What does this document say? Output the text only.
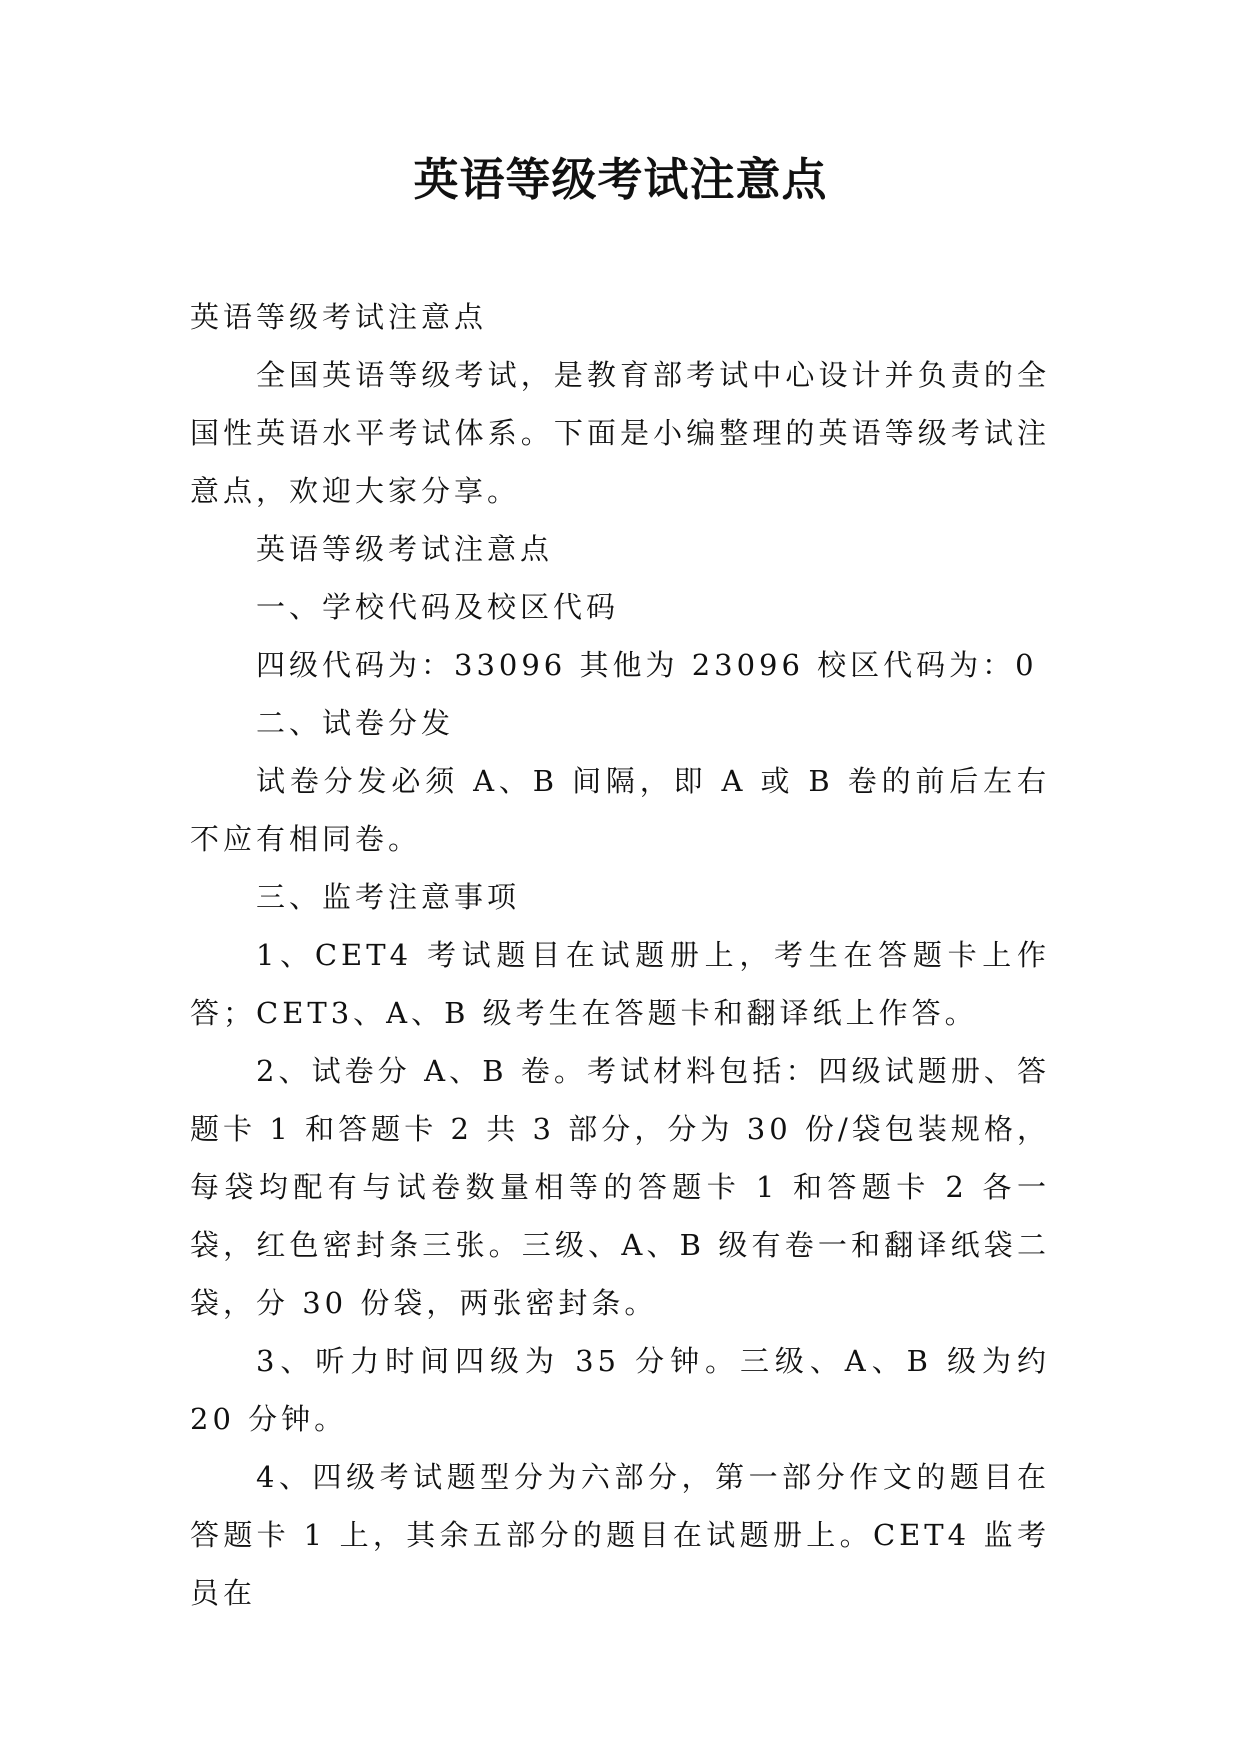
英语等级考试注意点

英语等级考试注意点

全国英语等级考试，是教育部考试中心设计并负责的全国性英语水平考试体系。下面是小编整理的英语等级考试注意点，欢迎大家分享。

英语等级考试注意点

一、学校代码及校区代码

四级代码为：33096 其他为 23096 校区代码为：0

二、试卷分发

试卷分发必须 A、B 间隔，即 A 或 B 卷的前后左右不应有相同卷。

三、监考注意事项

1、CET4 考试题目在试题册上，考生在答题卡上作答；CET3、A、B 级考生在答题卡和翻译纸上作答。

2、试卷分 A、B 卷。考试材料包括：四级试题册、答题卡 1 和答题卡 2 共 3 部分，分为 30 份/袋包装规格，每袋均配有与试卷数量相等的答题卡 1 和答题卡 2 各一袋，红色密封条三张。三级、A、B 级有卷一和翻译纸袋二袋，分 30 份袋，两张密封条。

3、听力时间四级为 35 分钟。三级、A、B 级为约 20 分钟。

4、四级考试题型分为六部分，第一部分作文的题目在答题卡 1 上，其余五部分的题目在试题册上。CET4 监考员在
